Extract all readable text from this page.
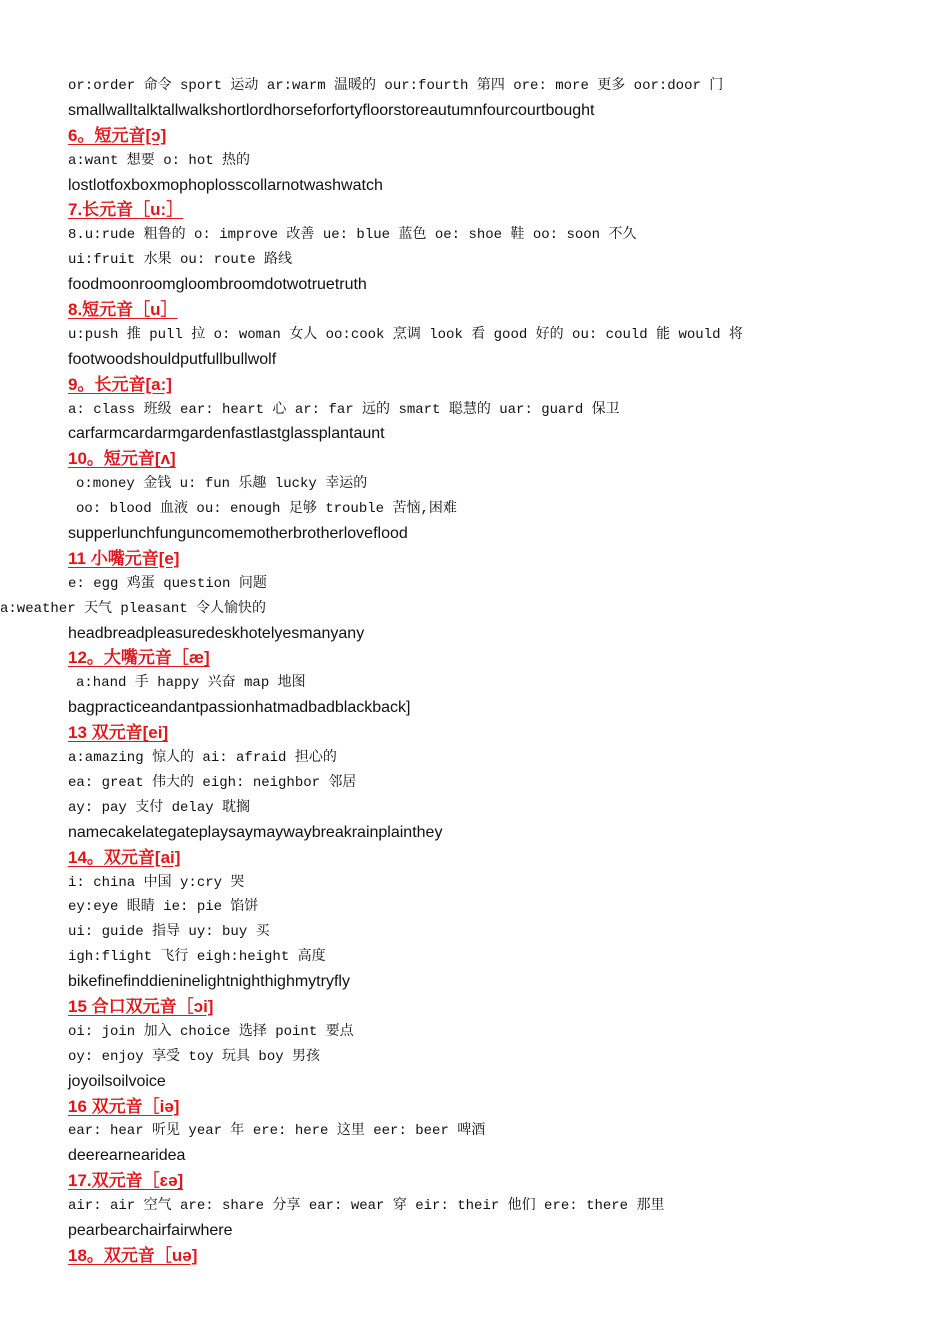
or:order 命令 sport 运动 ar:warm 温暖的 our:fourth 第四 ore: more 更多 oor:door 门
smallwalltalktallwalkshortlordhorseforfortyfloorstoreautumnfourcourtbought
6。短元音[ɔ]
a:want 想要 o: hot 热的
lostlotfoxboxmophoplosscollarnotwashwatch
7.长元音［u:］
8.u:rude 粗鲁的 o: improve 改善 ue: blue 蓝色 oe: shoe 鞋 oo: soon 不久
ui:fruit 水果 ou: route 路线
foodmoonroomgloombroomdotwotruetruth
8.短元音［u］
u:push 推 pull 拉 o: woman 女人 oo:cook 烹调 look 看 good 好的 ou: could 能 would 将
footwoodshouldputfullbullwolf
9。长元音[a:]
a: class 班级 ear: heart 心 ar: far 远的 smart 聪慧的 uar: guard 保卫
carfarmcardarmgardenfastlastglassplantaunt
10。短元音[ʌ]
o:money 金钱 u: fun 乐趣 lucky 幸运的
oo: blood 血液 ou: enough 足够 trouble 苦恼,困难
supperlunchfunguncomemotherbrotherloveflood
11 小嘴元音[e]
e: egg 鸡蛋 question 问题
a:weather 天气 pleasant 令人愉快的
headbreadpleasuredeskhotelyesmanyany
12。大嘴元音［æ]
a:hand 手 happy 兴奋 map 地图
bagpracticeandantpassionhatmadbadblackback]
13 双元音[ei]
a:amazing 惊人的 ai: afraid 担心的
ea: great 伟大的 eigh: neighbor 邻居
ay: pay 支付 delay 耽搁
namecakelategateplaysaymaywaybreakrainplainthey
14。双元音[ai]
i: china 中国 y:cry 哭
ey:eye 眼睛 ie: pie 馅饼
ui: guide 指导 uy: buy 买
igh:flight 飞行 eigh:height 高度
bikefinefinddieninelightnighthighmytryfly
15 合口双元音［ɔi]
oi: join 加入 choice 选择 point 要点
oy: enjoy 享受 toy 玩具 boy 男孩
joyoilsoilvoice
16 双元音［iə]
ear: hear 听见 year 年 ere: here 这里 eer: beer 啤酒
deerearnearidea
17.双元音［ɛə]
air: air 空气 are: share 分享 ear: wear 穿 eir: their 他们 ere: there 那里
pearbearchairfairwhere
18。双元音［uə]
